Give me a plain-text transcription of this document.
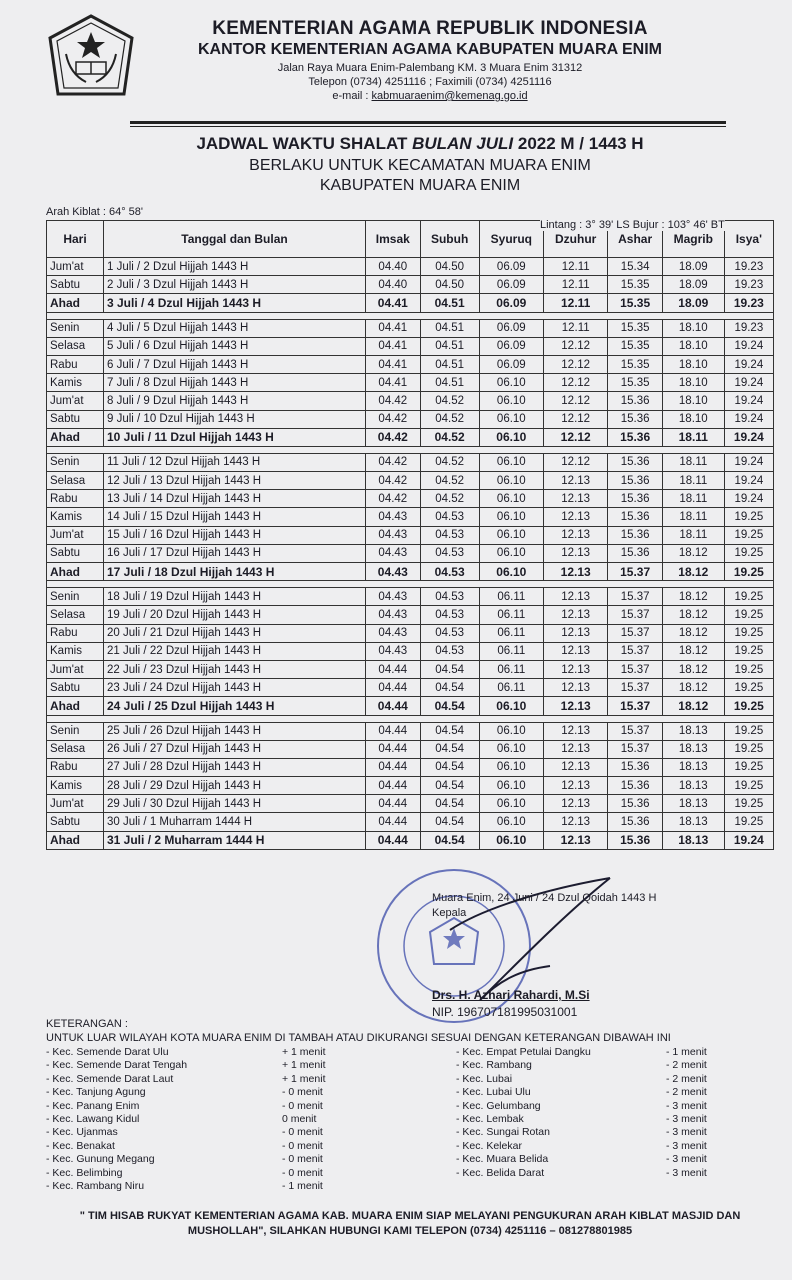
KEMENTERIAN AGAMA REPUBLIK INDONESIA
KANTOR KEMENTERIAN AGAMA KABUPATEN MUARA ENIM
Jalan Raya Muara Enim-Palembang KM. 3 Muara Enim 31312
Telepon (0734) 4251116 ; Faximili (0734) 4251116
e-mail : kabmuaraenim@kemenag.go.id
JADWAL WAKTU SHALAT BULAN JULI 2022 M / 1443 H
BERLAKU UNTUK KECAMATAN MUARA ENIM
KABUPATEN MUARA ENIM
Arah Kiblat : 64° 58'
Lintang : 3° 39' LS Bujur : 103° 46' BT
Hari	Tanggal dan Bulan	Imsak	Subuh	Syuruq	Dzuhur	Ashar	Magrib	Isya'
Jum'at	1 Juli / 2 Dzul Hijjah 1443 H	04.40	04.50	06.09	12.11	15.34	18.09	19.23
Sabtu	2 Juli / 3 Dzul Hijjah 1443 H	04.40	04.50	06.09	12.11	15.35	18.09	19.23
Ahad	3 Juli / 4 Dzul Hijjah 1443 H	04.41	04.51	06.09	12.11	15.35	18.09	19.23

Senin	4 Juli / 5 Dzul Hijjah 1443 H	04.41	04.51	06.09	12.11	15.35	18.10	19.23
Selasa	5 Juli / 6 Dzul Hijjah 1443 H	04.41	04.51	06.09	12.12	15.35	18.10	19.24
Rabu	6 Juli / 7 Dzul Hijjah 1443 H	04.41	04.51	06.09	12.12	15.35	18.10	19.24
Kamis	7 Juli / 8 Dzul Hijjah 1443 H	04.41	04.51	06.10	12.12	15.35	18.10	19.24
Jum'at	8 Juli / 9 Dzul Hijjah 1443 H	04.42	04.52	06.10	12.12	15.36	18.10	19.24
Sabtu	9 Juli / 10 Dzul Hijjah 1443 H	04.42	04.52	06.10	12.12	15.36	18.10	19.24
Ahad	10 Juli / 11 Dzul Hijjah 1443 H	04.42	04.52	06.10	12.12	15.36	18.11	19.24

Senin	11 Juli / 12 Dzul Hijjah 1443 H	04.42	04.52	06.10	12.12	15.36	18.11	19.24
Selasa	12 Juli / 13 Dzul Hijjah 1443 H	04.42	04.52	06.10	12.13	15.36	18.11	19.24
Rabu	13 Juli / 14 Dzul Hijjah 1443 H	04.42	04.52	06.10	12.13	15.36	18.11	19.24
Kamis	14 Juli / 15 Dzul Hijjah 1443 H	04.43	04.53	06.10	12.13	15.36	18.11	19.25
Jum'at	15 Juli / 16 Dzul Hijjah 1443 H	04.43	04.53	06.10	12.13	15.36	18.11	19.25
Sabtu	16 Juli / 17 Dzul Hijjah 1443 H	04.43	04.53	06.10	12.13	15.36	18.12	19.25
Ahad	17 Juli / 18 Dzul Hijjah 1443 H	04.43	04.53	06.10	12.13	15.37	18.12	19.25

Senin	18 Juli / 19 Dzul Hijjah 1443 H	04.43	04.53	06.11	12.13	15.37	18.12	19.25
Selasa	19 Juli / 20 Dzul Hijjah 1443 H	04.43	04.53	06.11	12.13	15.37	18.12	19.25
Rabu	20 Juli / 21 Dzul Hijjah 1443 H	04.43	04.53	06.11	12.13	15.37	18.12	19.25
Kamis	21 Juli / 22 Dzul Hijjah 1443 H	04.43	04.53	06.11	12.13	15.37	18.12	19.25
Jum'at	22 Juli / 23 Dzul Hijjah 1443 H	04.44	04.54	06.11	12.13	15.37	18.12	19.25
Sabtu	23 Juli / 24 Dzul Hijjah 1443 H	04.44	04.54	06.11	12.13	15.37	18.12	19.25
Ahad	24 Juli / 25 Dzul Hijjah 1443 H	04.44	04.54	06.10	12.13	15.37	18.12	19.25

Senin	25 Juli / 26 Dzul Hijjah 1443 H	04.44	04.54	06.10	12.13	15.37	18.13	19.25
Selasa	26 Juli / 27 Dzul Hijjah 1443 H	04.44	04.54	06.10	12.13	15.37	18.13	19.25
Rabu	27 Juli / 28 Dzul Hijjah 1443 H	04.44	04.54	06.10	12.13	15.36	18.13	19.25
Kamis	28 Juli / 29 Dzul Hijjah 1443 H	04.44	04.54	06.10	12.13	15.36	18.13	19.25
Jum'at	29 Juli / 30 Dzul Hijjah 1443 H	04.44	04.54	06.10	12.13	15.36	18.13	19.25
Sabtu	30 Juli / 1 Muharram 1444 H	04.44	04.54	06.10	12.13	15.36	18.13	19.25
Ahad	31 Juli / 2 Muharram 1444 H	04.44	04.54	06.10	12.13	15.36	18.13	19.24
Muara Enim, 24 Juni / 24 Dzul Qoidah 1443 H
Kepala
Drs. H. Azhari Rahardi, M.Si
NIP. 196707181995031001
KETERANGAN :
UNTUK LUAR WILAYAH KOTA MUARA ENIM DI TAMBAH ATAU DIKURANGI SESUAI DENGAN KETERANGAN DIBAWAH INI
- Kec. Semende Darat Ulu	+ 1 menit
- Kec. Semende Darat Tengah	+ 1 menit
- Kec. Semende Darat Laut	+ 1 menit
- Kec. Tanjung Agung	- 0 menit
- Kec. Panang Enim	- 0 menit
- Kec. Lawang Kidul	0 menit
- Kec. Ujanmas	- 0 menit
- Kec. Benakat	- 0 menit
- Kec. Gunung Megang	- 0 menit
- Kec. Belimbing	- 0 menit
- Kec. Rambang Niru	- 1 menit
- Kec. Empat Petulai Dangku	- 1 menit
- Kec. Rambang	- 2 menit
- Kec. Lubai	- 2 menit
- Kec. Lubai Ulu	- 2 menit
- Kec. Gelumbang	- 3 menit
- Kec. Lembak	- 3 menit
- Kec. Sungai Rotan	- 3 menit
- Kec. Kelekar	- 3 menit
- Kec. Muara Belida	- 3 menit
- Kec. Belida Darat	- 3 menit
" TIM HISAB RUKYAT KEMENTERIAN AGAMA KAB. MUARA ENIM SIAP MELAYANI PENGUKURAN ARAH KIBLAT MASJID DAN
MUSHOLLAH", SILAHKAN HUBUNGI KAMI TELEPON (0734) 4251116 – 081278801985
